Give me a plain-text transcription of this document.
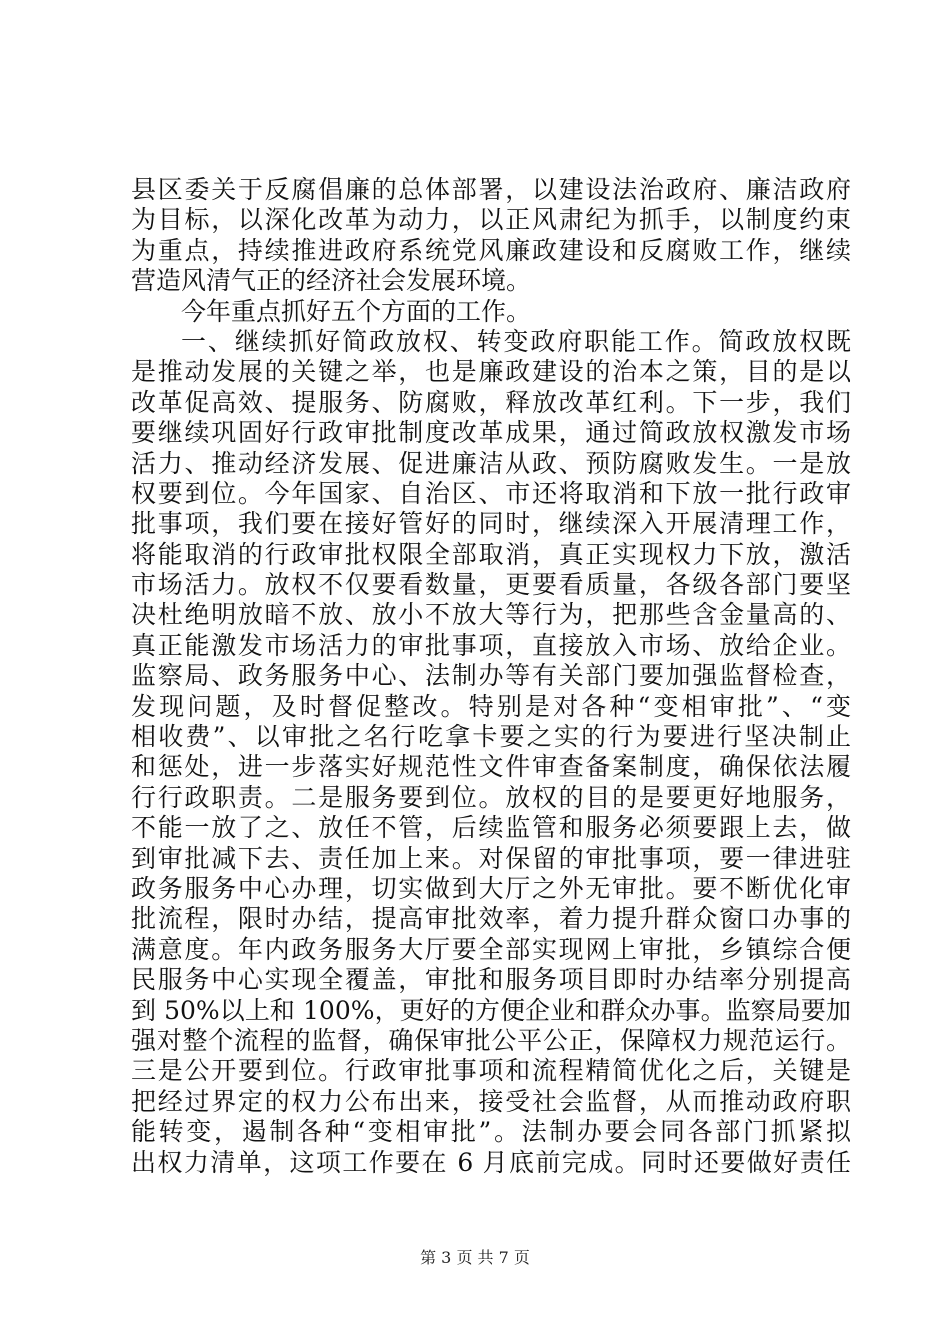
县区委关于反腐倡廉的总体部署，以建设法治政府、廉洁政府
为目标，以深化改革为动力，以正风肃纪为抓手，以制度约束
为重点，持续推进政府系统党风廉政建设和反腐败工作，继续
营造风清气正的经济社会发展环境。
今年重点抓好五个方面的工作。
一、继续抓好简政放权、转变政府职能工作。简政放权既
是推动发展的关键之举，也是廉政建设的治本之策，目的是以
改革促高效、提服务、防腐败，释放改革红利。下一步，我们
要继续巩固好行政审批制度改革成果，通过简政放权激发市场
活力、推动经济发展、促进廉洁从政、预防腐败发生。一是放
权要到位。今年国家、自治区、市还将取消和下放一批行政审
批事项，我们要在接好管好的同时，继续深入开展清理工作，
将能取消的行政审批权限全部取消，真正实现权力下放，激活
市场活力。放权不仅要看数量，更要看质量，各级各部门要坚
决杜绝明放暗不放、放小不放大等行为，把那些含金量高的、
真正能激发市场活力的审批事项，直接放入市场、放给企业。
监察局、政务服务中心、法制办等有关部门要加强监督检查，
发现问题，及时督促整改。特别是对各种“变相审批”、“变
相收费”、以审批之名行吃拿卡要之实的行为要进行坚决制止
和惩处，进一步落实好规范性文件审查备案制度，确保依法履
行行政职责。二是服务要到位。放权的目的是要更好地服务，
不能一放了之、放任不管，后续监管和服务必须要跟上去，做
到审批减下去、责任加上来。对保留的审批事项，要一律进驻
政务服务中心办理，切实做到大厅之外无审批。要不断优化审
批流程，限时办结，提高审批效率，着力提升群众窗口办事的
满意度。年内政务服务大厅要全部实现网上审批，乡镇综合便
民服务中心实现全覆盖，审批和服务项目即时办结率分别提高
到 50%以上和 100%，更好的方便企业和群众办事。监察局要加
强对整个流程的监督，确保审批公平公正，保障权力规范运行。
三是公开要到位。行政审批事项和流程精简优化之后，关键是
把经过界定的权力公布出来，接受社会监督，从而推动政府职
能转变，遏制各种“变相审批”。法制办要会同各部门抓紧拟
出权力清单，这项工作要在 6 月底前完成。同时还要做好责任
第 3 页 共 7 页
